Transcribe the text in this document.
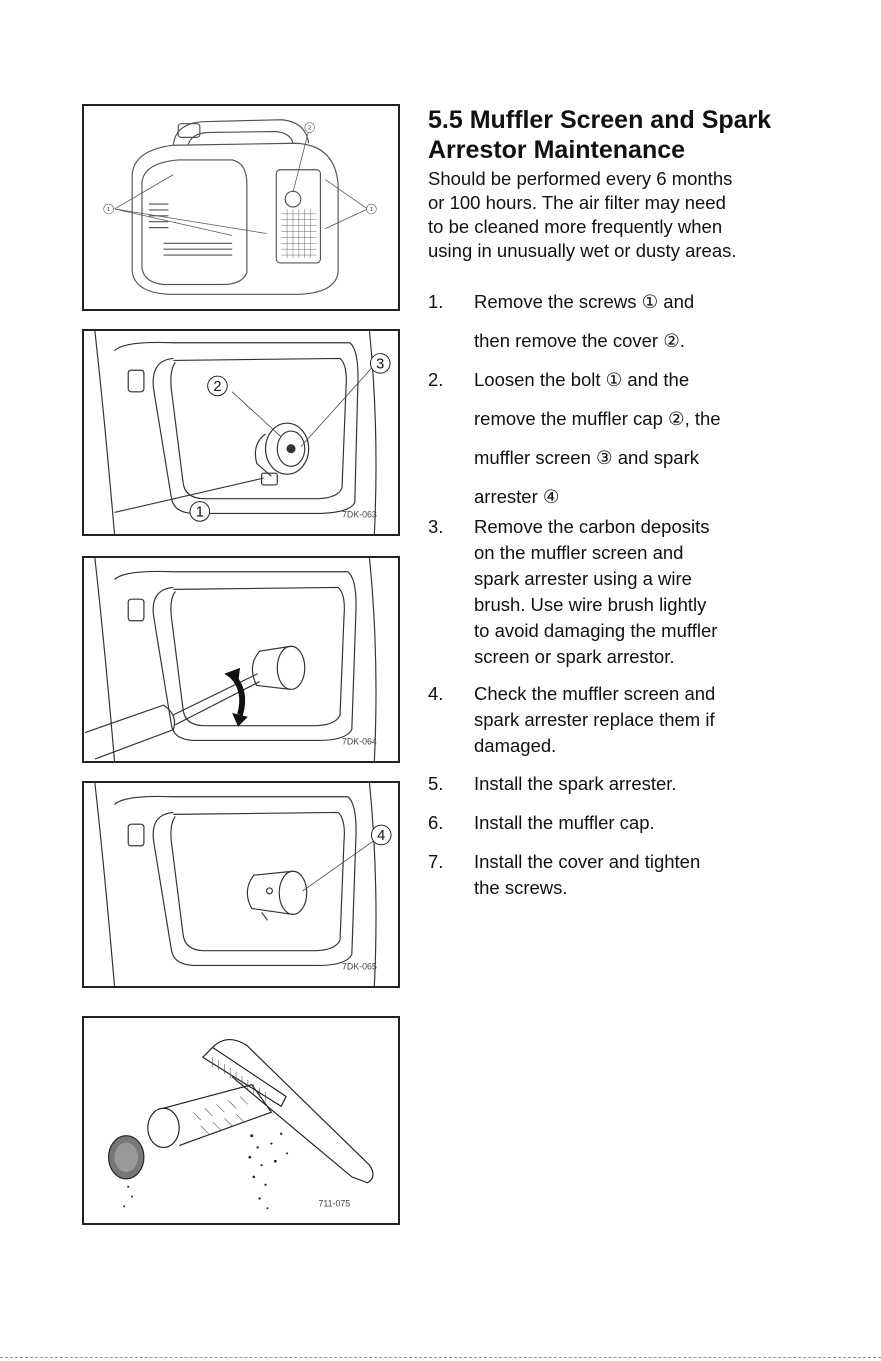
1
2
1
2
3
1	7DK-063
7DK-064
4
7DK-065
711-075
5.5 Muffler Screen and Spark
Arrestor Maintenance

Should be performed every 6 months
or 100 hours. The air filter may need
to be cleaned more frequently when
using in unusually wet or dusty areas.

1.	Remove the screws ① and
then remove the cover ②.
2.	Loosen the bolt ① and the
remove the muffler cap ②, the
muffler screen ③ and spark
arrester ④
3.	Remove the carbon deposits
on the muffler screen and
spark arrester using a wire
brush. Use wire brush lightly
to avoid damaging the muffler
screen or spark arrestor.
4.	Check the muffler screen and
spark arrester replace them if
damaged.
5.	Install the spark arrester.
6.	Install the muffler cap.
7.	Install the cover and tighten
the screws.
